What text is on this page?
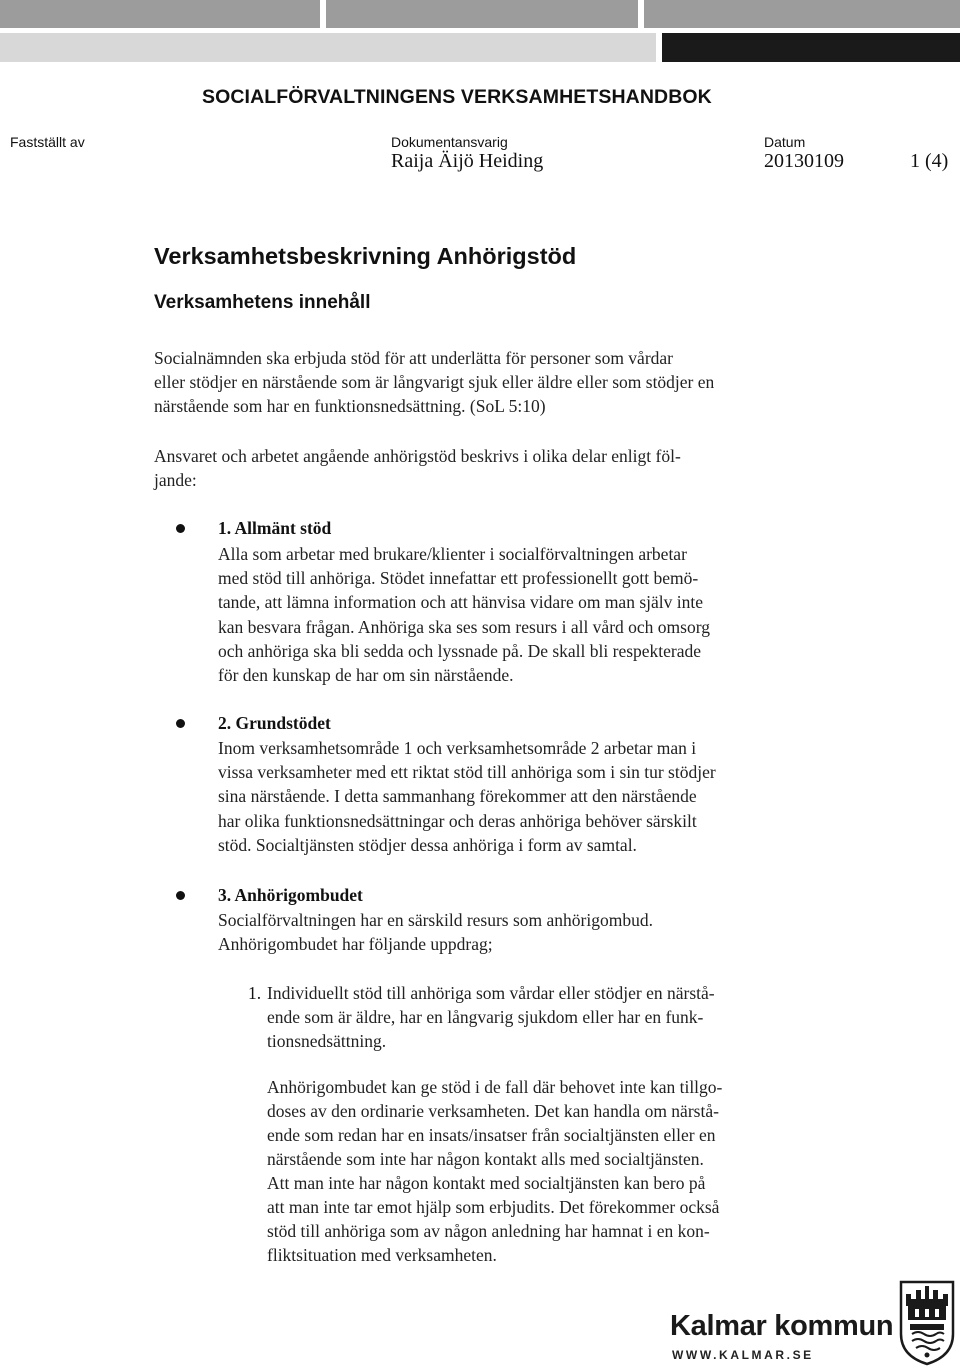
SOCIALFÖRVALTNINGENS VERKSAMHETSHANDBOK
Fastställt av	Dokumentansvarig
Raija Äijö Heiding
Datum
20130109	1 (4)
Verksamhetsbeskrivning Anhörigstöd
Verksamhetens innehåll

Socialnämnden ska erbjuda stöd för att underlätta för personer som vårdar
eller stödjer en närstående som är långvarigt sjuk eller äldre eller som stödjer en
närstående som har en funktionsnedsättning. (SoL 5:10)

Ansvaret och arbetet angående anhörigstöd beskrivs i olika delar enligt föl-
jande:

1. Allmänt stöd

Alla som arbetar med brukare/klienter i socialförvaltningen arbetar
med stöd till anhöriga. Stödet innefattar ett professionellt gott bemö-
tande, att lämna information och att hänvisa vidare om man själv inte
kan besvara frågan. Anhöriga ska ses som resurs i all vård och omsorg
och anhöriga ska bli sedda och lyssnade på. De skall bli respekterade
för den kunskap de har om sin närstående.

2. Grundstödet

Inom verksamhetsområde 1 och verksamhetsområde 2 arbetar man i
vissa verksamheter med ett riktat stöd till anhöriga som i sin tur stödjer
sina närstående. I detta sammanhang förekommer att den närstående
har olika funktionsnedsättningar och deras anhöriga behöver särskilt
stöd. Socialtjänsten stödjer dessa anhöriga i form av samtal.

3. Anhörigombudet

Socialförvaltningen har en särskild resurs som anhörigombud.
Anhörigombudet har följande uppdrag;

1. Individuellt stöd till anhöriga som vårdar eller stödjer en närstå-
ende som är äldre, har en långvarig sjukdom eller har en funk-
tionsnedsättning.

Anhörigombudet kan ge stöd i de fall där behovet inte kan tillgo-
doses av den ordinarie verksamheten. Det kan handla om närstå-
ende som redan har en insats/insatser från socialtjänsten eller en
närstående som inte har någon kontakt alls med socialtjänsten.
Att man inte har någon kontakt med socialtjänsten kan bero på
att man inte tar emot hjälp som erbjudits. Det förekommer också
stöd till anhöriga som av någon anledning har hamnat i en kon-
fliktsituation med verksamheten.

Kalmar kommun
WWW.KALMAR.SE
